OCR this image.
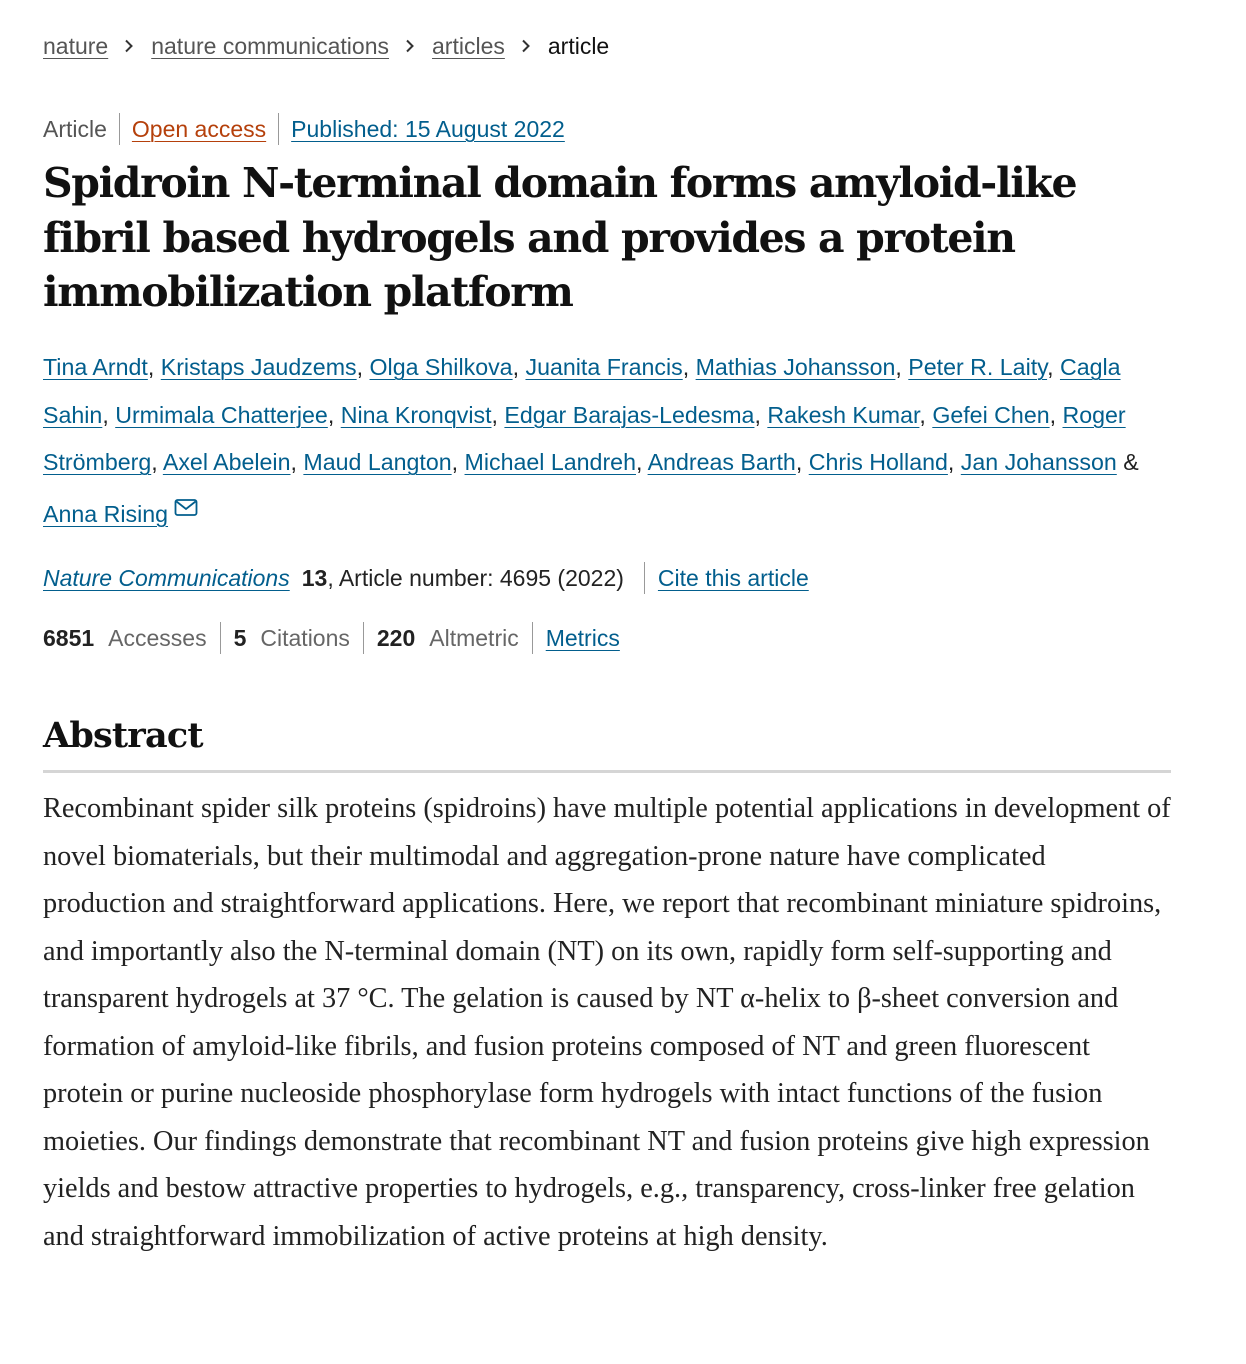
nature nature communications articles article
Article Open access Published: 15 August 2022
Spidroin N-terminal domain forms amyloid-like fibril based hydrogels and provides a protein immobilization platform
Tina Arndt, Kristaps Jaudzems, Olga Shilkova, Juanita Francis, Mathias Johansson, Peter R. Laity, Cagla Sahin, Urmimala Chatterjee, Nina Kronqvist, Edgar Barajas-Ledesma, Rakesh Kumar, Gefei Chen, Roger Strömberg, Axel Abelein, Maud Langton, Michael Landreh, Andreas Barth, Chris Holland, Jan Johansson & Anna Rising
Nature Communications 13 , Article number: 4695 (2022) Cite this article
6851 Accesses 5 Citations 220 Altmetric Metrics
Abstract

Recombinant spider silk proteins (spidroins) have multiple potential applications in development of novel biomaterials, but their multimodal and aggregation-prone nature have complicated production and straightforward applications. Here, we report that recombinant miniature spidroins, and importantly also the N-terminal domain (NT) on its own, rapidly form self-supporting and transparent hydrogels at 37 °C. The gelation is caused by NT α-helix to β-sheet conversion and formation of amyloid-like fibrils, and fusion proteins composed of NT and green fluorescent protein or purine nucleoside phosphorylase form hydrogels with intact functions of the fusion moieties. Our findings demonstrate that recombinant NT and fusion proteins give high expression yields and bestow attractive properties to hydrogels, e.g., transparency, cross-linker free gelation and straightforward immobilization of active proteins at high density.
